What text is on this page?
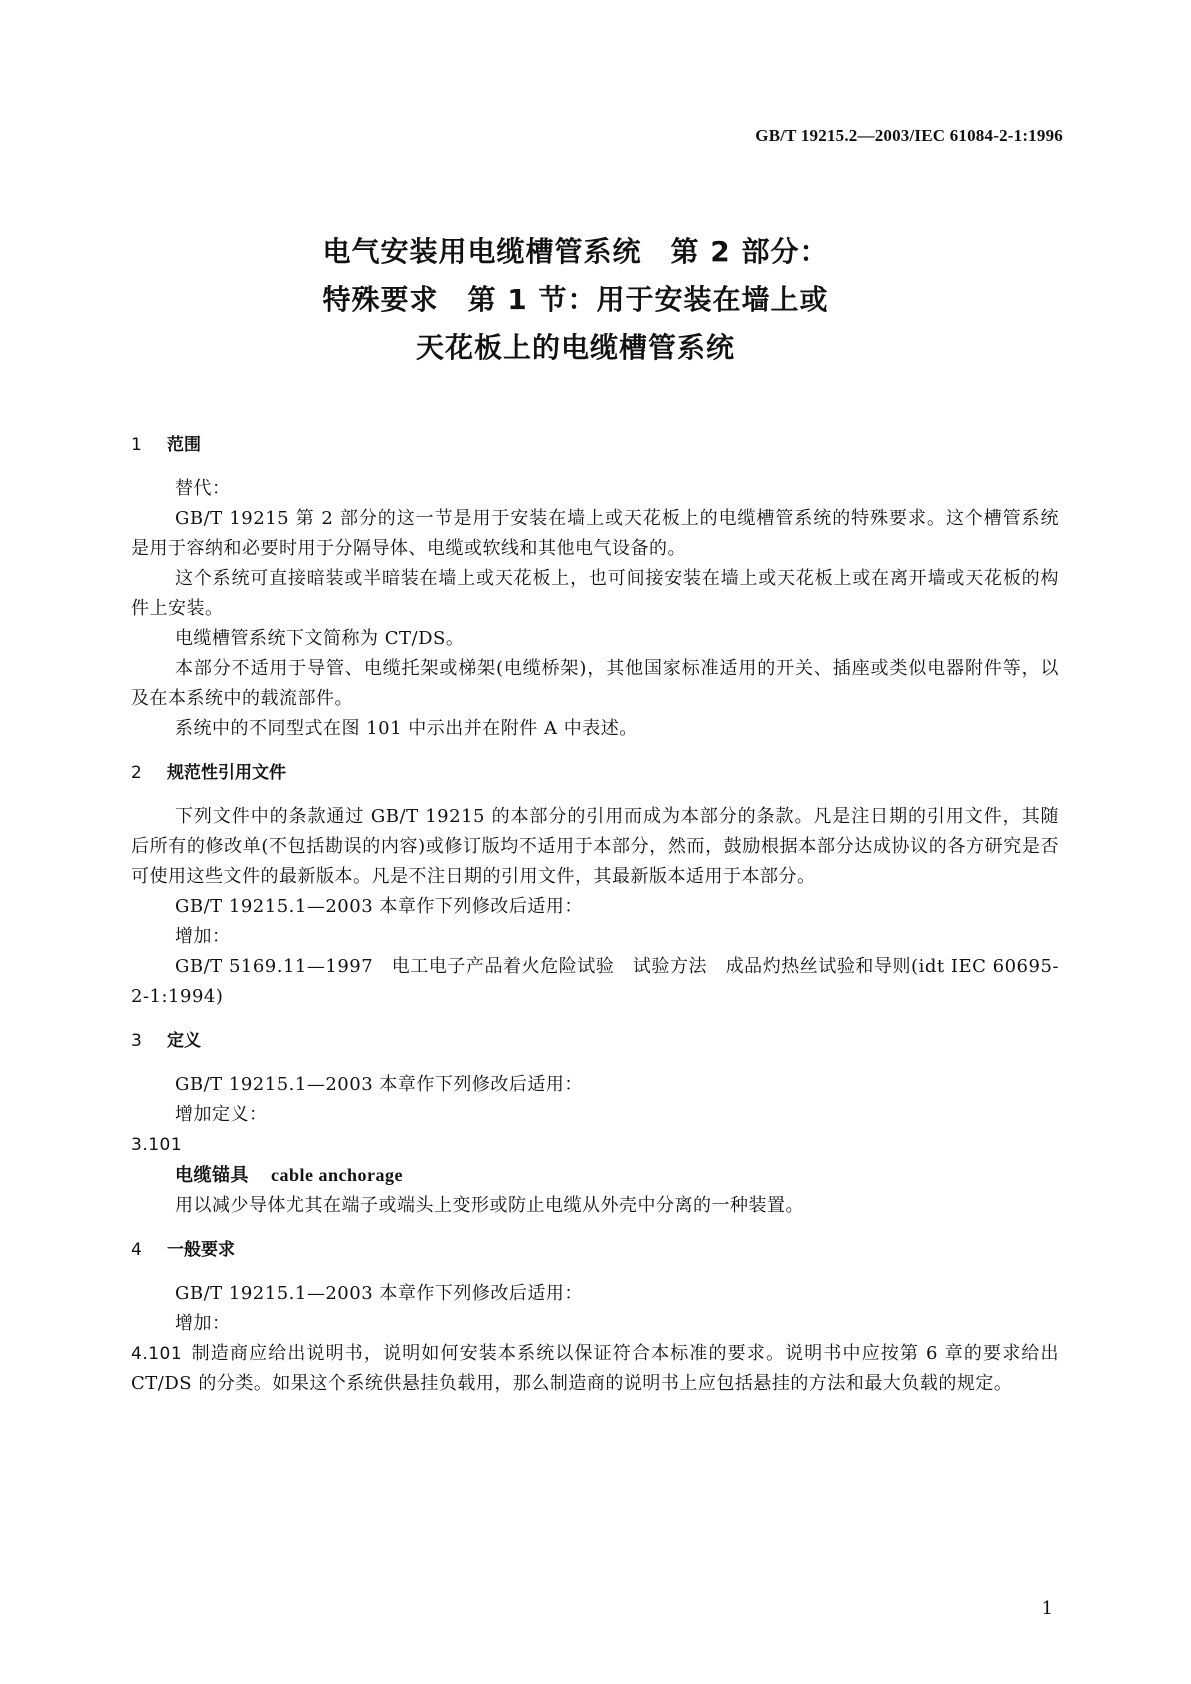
GB/T 19215.2—2003/IEC 61084-2-1:1996
电气安装用电缆槽管系统　第 2 部分：
特殊要求　第 1 节：用于安装在墙上或
天花板上的电缆槽管系统
1 范围

替代：

GB/T 19215 第 2 部分的这一节是用于安装在墙上或天花板上的电缆槽管系统的特殊要求。这个槽管系统是用于容纳和必要时用于分隔导体、电缆或软线和其他电气设备的。

这个系统可直接暗装或半暗装在墙上或天花板上，也可间接安装在墙上或天花板上或在离开墙或天花板的构件上安装。

电缆槽管系统下文简称为 CT/DS。

本部分不适用于导管、电缆托架或梯架(电缆桥架)，其他国家标准适用的开关、插座或类似电器附件等，以及在本系统中的载流部件。

系统中的不同型式在图 101 中示出并在附件 A 中表述。

2 规范性引用文件

下列文件中的条款通过 GB/T 19215 的本部分的引用而成为本部分的条款。凡是注日期的引用文件，其随后所有的修改单(不包括勘误的内容)或修订版均不适用于本部分，然而，鼓励根据本部分达成协议的各方研究是否可使用这些文件的最新版本。凡是不注日期的引用文件，其最新版本适用于本部分。

GB/T 19215.1—2003 本章作下列修改后适用：

增加：

GB/T 5169.11—1997　电工电子产品着火危险试验　试验方法　成品灼热丝试验和导则(idt IEC 60695-2-1:1994)

3 定义

GB/T 19215.1—2003 本章作下列修改后适用：

增加定义：

3.101

电缆锚具 cable anchorage

用以减少导体尤其在端子或端头上变形或防止电缆从外壳中分离的一种装置。

4 一般要求

GB/T 19215.1—2003 本章作下列修改后适用：

增加：

4.101 制造商应给出说明书，说明如何安装本系统以保证符合本标准的要求。说明书中应按第 6 章的要求给出 CT/DS 的分类。如果这个系统供悬挂负载用，那么制造商的说明书上应包括悬挂的方法和最大负载的规定。

1
